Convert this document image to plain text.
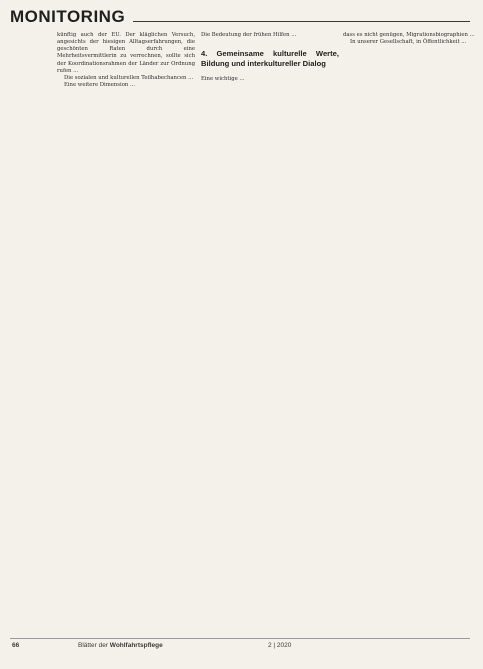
MONITORING

künftig auch der EU. Der kläglichen Versuch, angesichts der hiesigen Alltagserfahrungen, die geschönten Raten durch eine Mehrheitsvermittlerin zu verrechnen, sollte sich der Koordinationsrahmen der Länder zur Ordnung rufen ...

Die sozialen und kulturellen Teilhabechancen ...

Eine weitere Dimension ...

Die Bedeutung der frühen Hilfen ...

4. Gemeinsame kulturelle Werte, Bildung und interkultureller Dialog

Eine wichtige ...

dass es nicht genügen, Migrationsbiographien ...

In unserer Gesellschaft, in Öffentlichkeit ...

66	Blätter der Wohlfahrtspflege	2 | 2020
